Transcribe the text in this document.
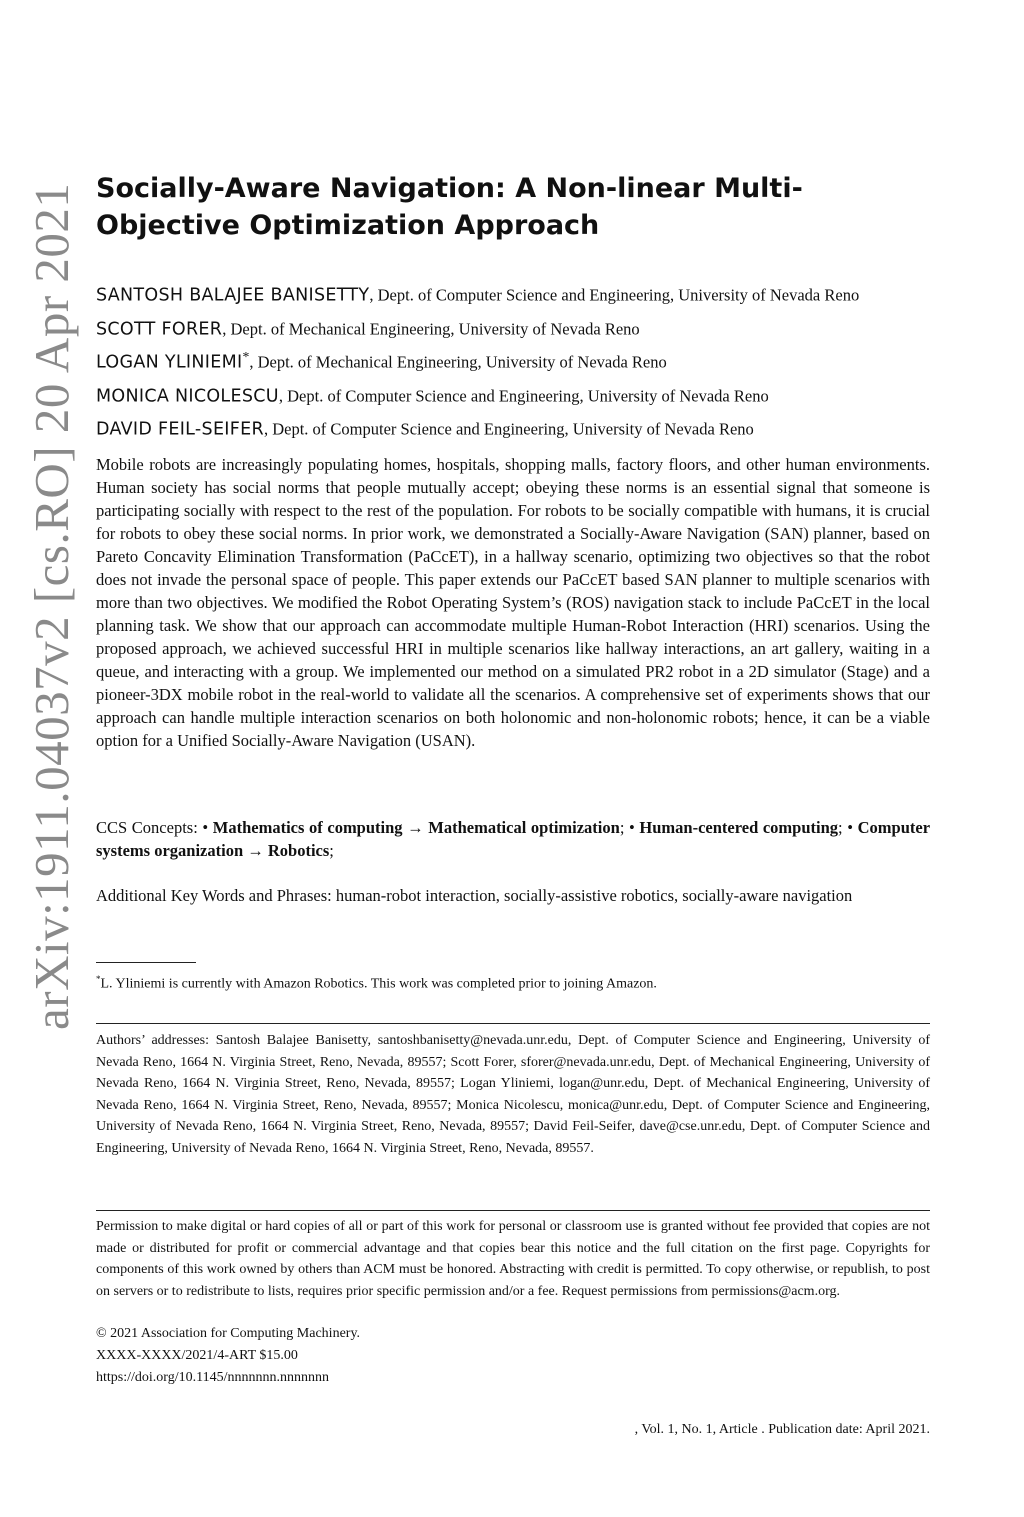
arXiv:1911.04037v2 [cs.RO] 20 Apr 2021 Socially-Aware Navigation: A Non-linear Multi-Objective Optimization Approach
SANTOSH BALAJEE BANISETTY, Dept. of Computer Science and Engineering, University of Nevada Reno
SCOTT FORER, Dept. of Mechanical Engineering, University of Nevada Reno
LOGAN YLINIEMI*, Dept. of Mechanical Engineering, University of Nevada Reno
MONICA NICOLESCU, Dept. of Computer Science and Engineering, University of Nevada Reno
DAVID FEIL-SEIFER, Dept. of Computer Science and Engineering, University of Nevada Reno

Mobile robots are increasingly populating homes, hospitals, shopping malls, factory floors, and other human environments. Human society has social norms that people mutually accept; obeying these norms is an essential signal that someone is participating socially with respect to the rest of the population. For robots to be socially compatible with humans, it is crucial for robots to obey these social norms. In prior work, we demonstrated a Socially-Aware Navigation (SAN) planner, based on Pareto Concavity Elimination Transformation (PaCcET), in a hallway scenario, optimizing two objectives so that the robot does not invade the personal space of people. This paper extends our PaCcET based SAN planner to multiple scenarios with more than two objectives. We modified the Robot Operating System’s (ROS) navigation stack to include PaCcET in the local planning task. We show that our approach can accommodate multiple Human-Robot Interaction (HRI) scenarios. Using the proposed approach, we achieved successful HRI in multiple scenarios like hallway interactions, an art gallery, waiting in a queue, and interacting with a group. We implemented our method on a simulated PR2 robot in a 2D simulator (Stage) and a pioneer-3DX mobile robot in the real-world to validate all the scenarios. A comprehensive set of experiments shows that our approach can handle multiple interaction scenarios on both holonomic and non-holonomic robots; hence, it can be a viable option for a Unified Socially-Aware Navigation (USAN).

CCS Concepts: • Mathematics of computing → Mathematical optimization; • Human-centered computing; • Computer systems organization → Robotics;

Additional Key Words and Phrases: human-robot interaction, socially-assistive robotics, socially-aware navigation

*L. Yliniemi is currently with Amazon Robotics. This work was completed prior to joining Amazon.

Authors’ addresses: Santosh Balajee Banisetty, santoshbanisetty@nevada.unr.edu, Dept. of Computer Science and Engineering, University of Nevada Reno, 1664 N. Virginia Street, Reno, Nevada, 89557; Scott Forer, sforer@nevada.unr.edu, Dept. of Mechanical Engineering, University of Nevada Reno, 1664 N. Virginia Street, Reno, Nevada, 89557; Logan Yliniemi, logan@unr.edu, Dept. of Mechanical Engineering, University of Nevada Reno, 1664 N. Virginia Street, Reno, Nevada, 89557; Monica Nicolescu, monica@unr.edu, Dept. of Computer Science and Engineering, University of Nevada Reno, 1664 N. Virginia Street, Reno, Nevada, 89557; David Feil-Seifer, dave@cse.unr.edu, Dept. of Computer Science and Engineering, University of Nevada Reno, 1664 N. Virginia Street, Reno, Nevada, 89557.

Permission to make digital or hard copies of all or part of this work for personal or classroom use is granted without fee provided that copies are not made or distributed for profit or commercial advantage and that copies bear this notice and the full citation on the first page. Copyrights for components of this work owned by others than ACM must be honored. Abstracting with credit is permitted. To copy otherwise, or republish, to post on servers or to redistribute to lists, requires prior specific permission and/or a fee. Request permissions from permissions@acm.org.

© 2021 Association for Computing Machinery.
XXXX-XXXX/2021/4-ART $15.00
https://doi.org/10.1145/nnnnnnn.nnnnnnn
, Vol. 1, No. 1, Article . Publication date: April 2021.
